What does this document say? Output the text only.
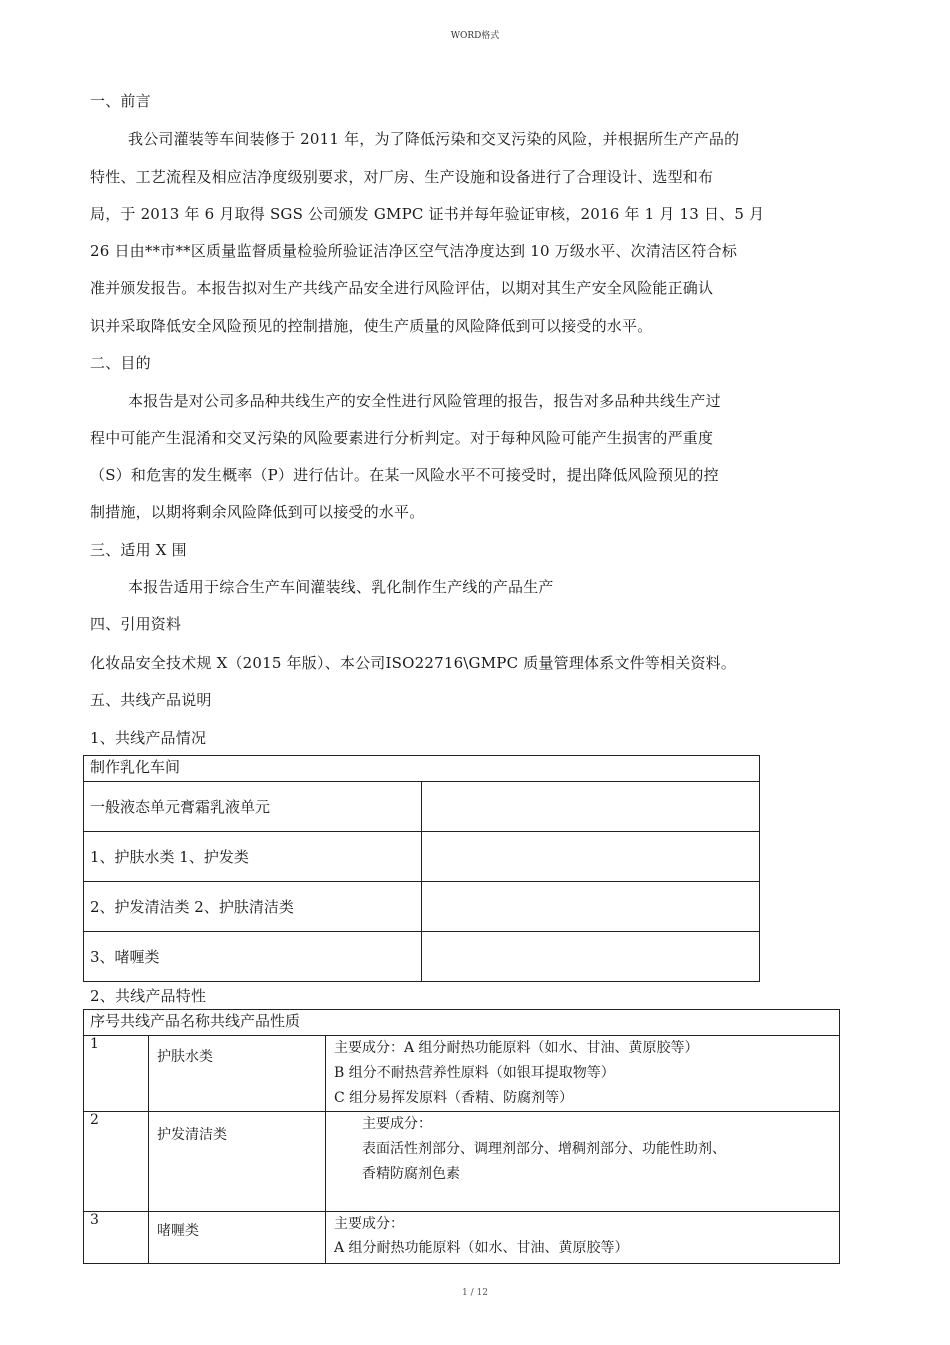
WORD格式
一、前言
我公司灌装等车间装修于 2011 年，为了降低污染和交叉污染的风险，并根据所生产产品的
特性、工艺流程及相应洁净度级别要求，对厂房、生产设施和设备进行了合理设计、选型和布
局，于 2013 年 6 月取得 SGS 公司颁发 GMPC 证书并每年验证审核，2016 年 1 月 13 日、5 月
26 日由**市**区质量监督质量检验所验证洁净区空气洁净度达到 10 万级水平、次清洁区符合标
准并颁发报告。本报告拟对生产共线产品安全进行风险评估，以期对其生产安全风险能正确认
识并采取降低安全风险预见的控制措施，使生产质量的风险降低到可以接受的水平。
二、目的
本报告是对公司多品种共线生产的安全性进行风险管理的报告，报告对多品种共线生产过
程中可能产生混淆和交叉污染的风险要素进行分析判定。对于每种风险可能产生损害的严重度
（S）和危害的发生概率（P）进行估计。在某一风险水平不可接受时，提出降低风险预见的控
制措施，以期将剩余风险降低到可以接受的水平。
三、适用 X 围
本报告适用于综合生产车间灌装线、乳化制作生产线的产品生产
四、引用资料
化妆品安全技术规 X（2015 年版）、本公司ISO22716\GMPC 质量管理体系文件等相关资料。
五、共线产品说明
1、共线产品情况
制作乳化车间	
一般液态单元膏霜乳液单元	
1、护肤水类 1、护发类	
2、护发清洁类 2、护肤清洁类	
3、啫喱类	
2、共线产品特性
序号共线产品名称共线产品性质		
1	护肤水类	主要成分：A 组分耐热功能原料（如水、甘油、黄原胶等）
B 组分不耐热营养性原料（如银耳提取物等）
C 组分易挥发原料（香精、防腐剂等）

2	护发清洁类	主要成分：
表面活性剂部分、调理剂部分、增稠剂部分、功能性助剂、
香精防腐剂色素

3	啫喱类	主要成分：
A 组分耐热功能原料（如水、甘油、黄原胶等）
1 / 12
